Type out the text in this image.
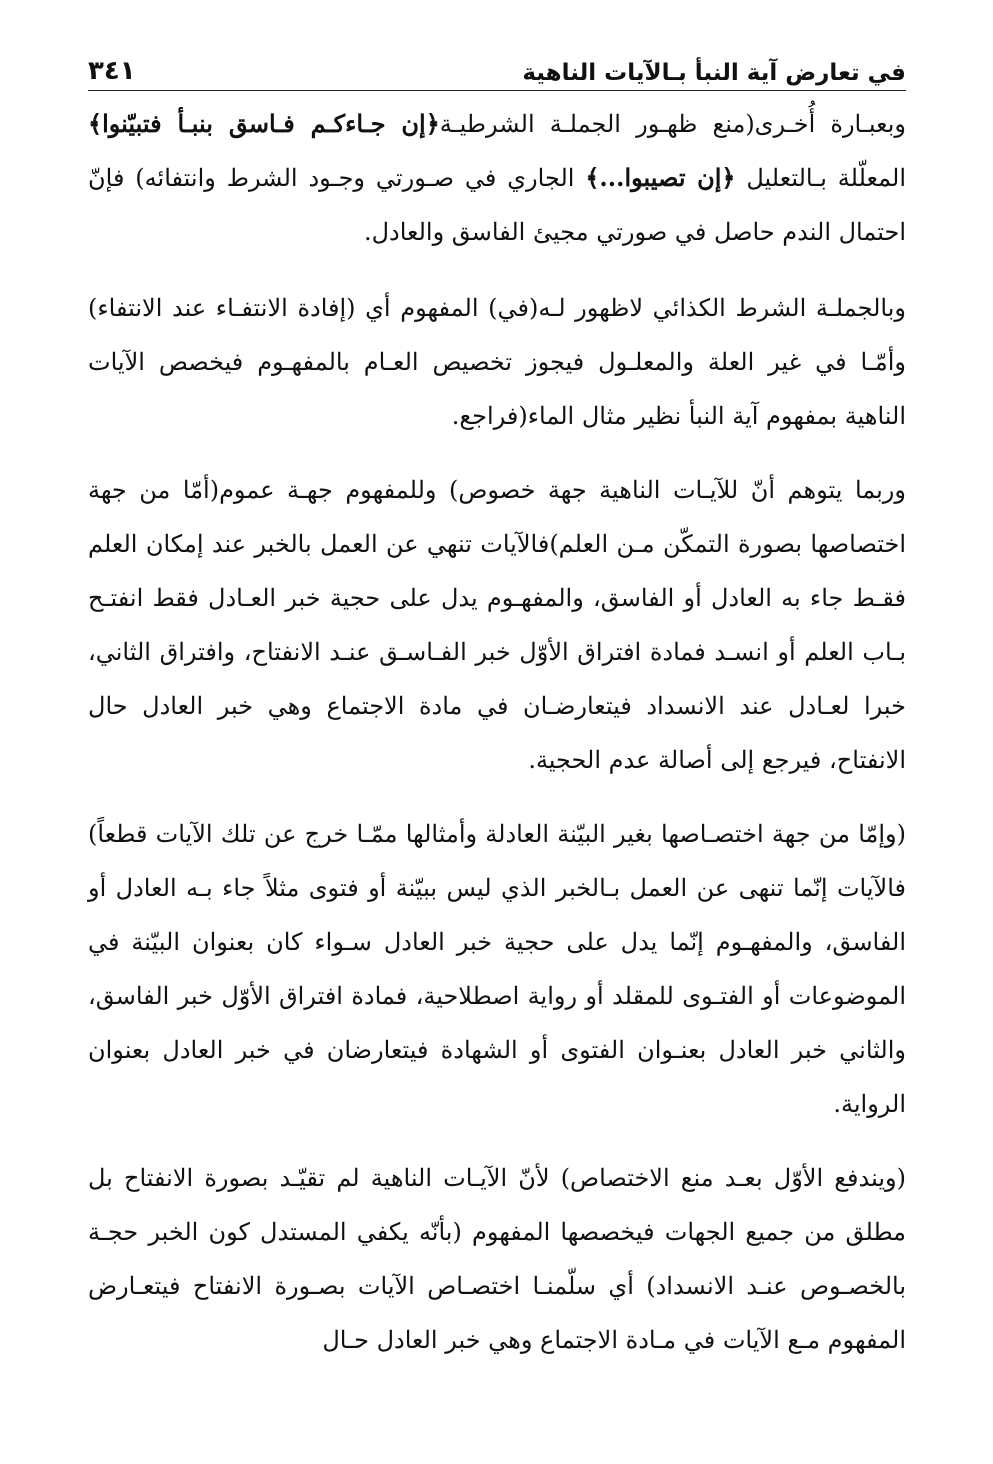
في تعارض آية النبأ بـالآيات الناهية
٣٤١

وبعبـارة أُخـرى(منع ظهـور الجملـة الشرطيـة﴿إن جـاءكـم فـاسق بنبـأ فتبيّنوا﴾ المعلّلة بـالتعليل ﴿إن تصيبوا...﴾ الجاري في صـورتي وجـود الشرط وانتفائه) فإنّ احتمال الندم حاصل في صورتي مجيئ الفاسق والعادل.

وبالجملـة الشرط الكذائي لاظهور لـه(في) المفهوم أي (إفادة الانتفـاء عند الانتفاء) وأمّـا في غير العلة والمعلـول فيجوز تخصيص العـام بالمفهـوم فيخصص الآيات الناهية بمفهوم آية النبأ نظير مثال الماء(فراجع.

وربما يتوهم أنّ للآيـات الناهية جهة خصوص) وللمفهوم جهـة عموم(أمّا من جهة اختصاصها بصورة التمكّن مـن العلم)فالآيات تنهي عن العمل بالخبر عند إمكان العلم فقـط جاء به العادل أو الفاسق، والمفهـوم يدل على حجية خبر العـادل فقط انفتـح بـاب العلم أو انسـد فمادة افتراق الأوّل خبر الفـاسـق عنـد الانفتاح، وافتراق الثاني، خبرا لعـادل عند الانسداد فيتعارضـان في مادة الاجتماع وهي خبر العادل حال الانفتاح، فيرجع إلى أصالة عدم الحجية.

(وإمّا من جهة اختصـاصها بغير البيّنة العادلة وأمثالها ممّـا خرج عن تلك الآيات قطعاً) فالآيات إنّما تنهى عن العمل بـالخبر الذي ليس ببيّنة أو فتوى مثلاً جاء بـه العادل أو الفاسق، والمفهـوم إنّما يدل على حجية خبر العادل سـواء كان بعنوان البيّنة في الموضوعات أو الفتـوى للمقلد أو رواية اصطلاحية، فمادة افتراق الأوّل خبر الفاسق، والثاني خبر العادل بعنـوان الفتوى أو الشهادة فيتعارضان في خبر العادل بعنوان الرواية.

(ويندفع الأوّل بعـد منع الاختصاص) لأنّ الآيـات الناهية لم تقيّـد بصورة الانفتاح بل مطلق من جميع الجهات فيخصصها المفهوم (بأنّه يكفي المستدل كون الخبر حجـة بالخصـوص عنـد الانسداد) أي سلّمنـا اختصـاص الآيات بصـورة الانفتاح فيتعـارض المفهوم مـع الآيات في مـادة الاجتماع وهي خبر العادل حـال
